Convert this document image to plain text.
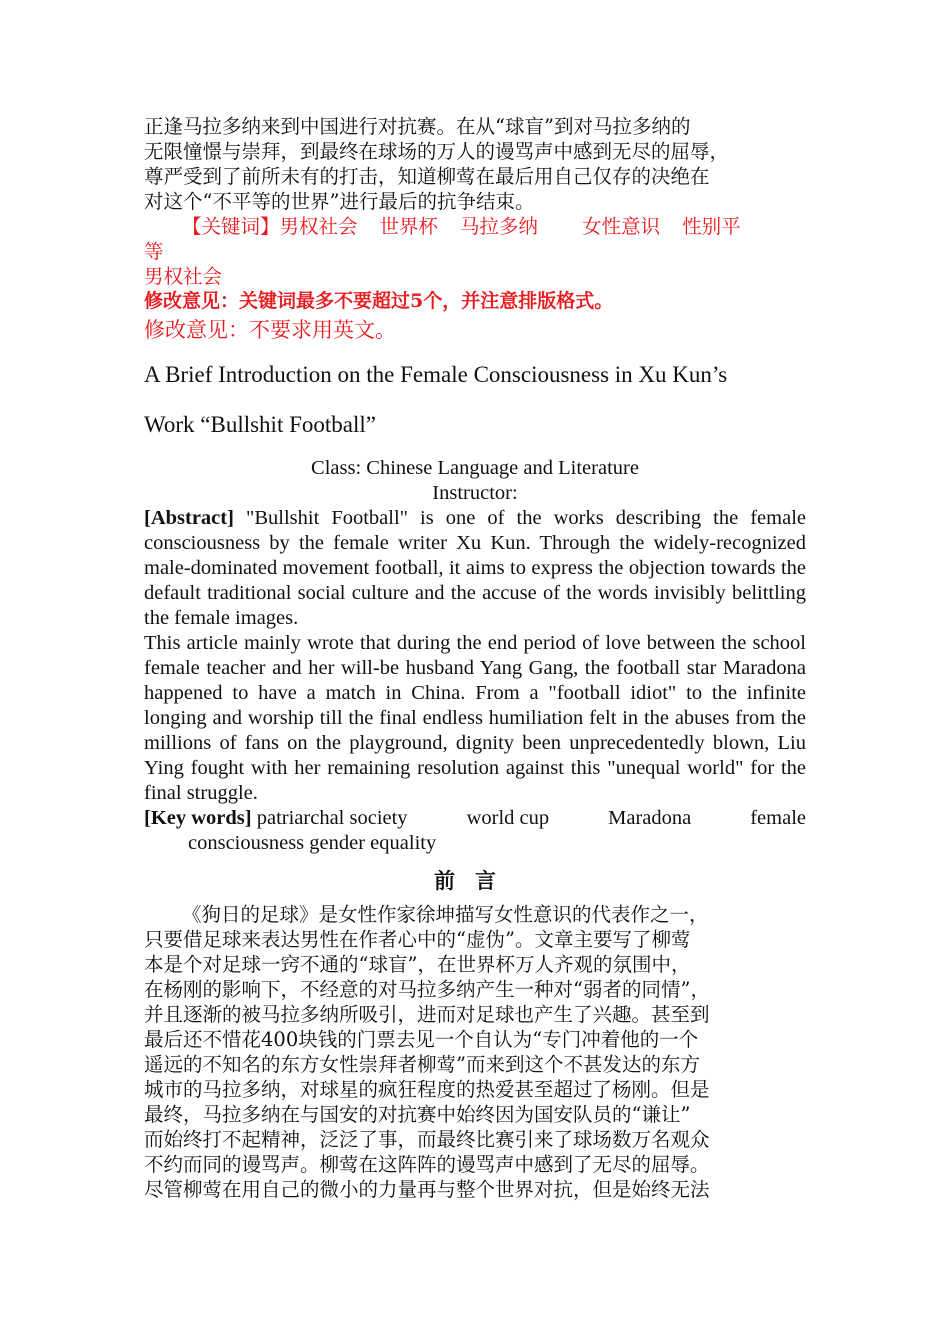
正逢马拉多纳来到中国进行对抗赛。在从“球盲”到对马拉多纳的

无限憧憬与崇拜，到最终在球场的万人的谩骂声中感到无尽的屈辱，

尊严受到了前所未有的打击，知道柳莺在最后用自己仅存的决绝在

对这个“不平等的世界”进行最后的抗争结束。

【关键词】男权社会 世界杯 马拉多纳 女性意识 性别平

等

男权社会

修改意见：关键词最多不要超过5个，并注意排版格式。

修改意见：不要求用英文。

A Brief Introduction on the Female Consciousness in Xu Kun’s

Work “Bullshit Football”

Class: Chinese Language and Literature

Instructor:

[Abstract] "Bullshit Football" is one of the works describing the female consciousness by the female writer Xu Kun. Through the widely-recognized male-dominated movement football, it aims to express the objection towards the default traditional social culture and the accuse of the words invisibly belittling the female images.

This article mainly wrote that during the end period of love between the school female teacher and her will-be husband Yang Gang, the football star Maradona happened to have a match in China. From a "football idiot" to the infinite longing and worship till the final endless humiliation felt in the abuses from the millions of fans on the playground, dignity been unprecedentedly blown, Liu Ying fought with her remaining resolution against this "unequal world" for the final struggle.

[Key words] patriarchal society	world cup	Maradona	female

consciousness gender equality

前言

《狗日的足球》是女性作家徐坤描写女性意识的代表作之一，

只要借足球来表达男性在作者心中的“虚伪”。文章主要写了柳莺

本是个对足球一窍不通的“球盲”，在世界杯万人齐观的氛围中，

在杨刚的影响下，不经意的对马拉多纳产生一种对“弱者的同情”，

并且逐渐的被马拉多纳所吸引，进而对足球也产生了兴趣。甚至到

最后还不惜花400块钱的门票去见一个自认为“专门冲着他的一个

遥远的不知名的东方女性崇拜者柳莺”而来到这个不甚发达的东方

城市的马拉多纳，对球星的疯狂程度的热爱甚至超过了杨刚。但是

最终，马拉多纳在与国安的对抗赛中始终因为国安队员的“谦让”

而始终打不起精神，泛泛了事，而最终比赛引来了球场数万名观众

不约而同的谩骂声。柳莺在这阵阵的谩骂声中感到了无尽的屈辱。

尽管柳莺在用自己的微小的力量再与整个世界对抗，但是始终无法
